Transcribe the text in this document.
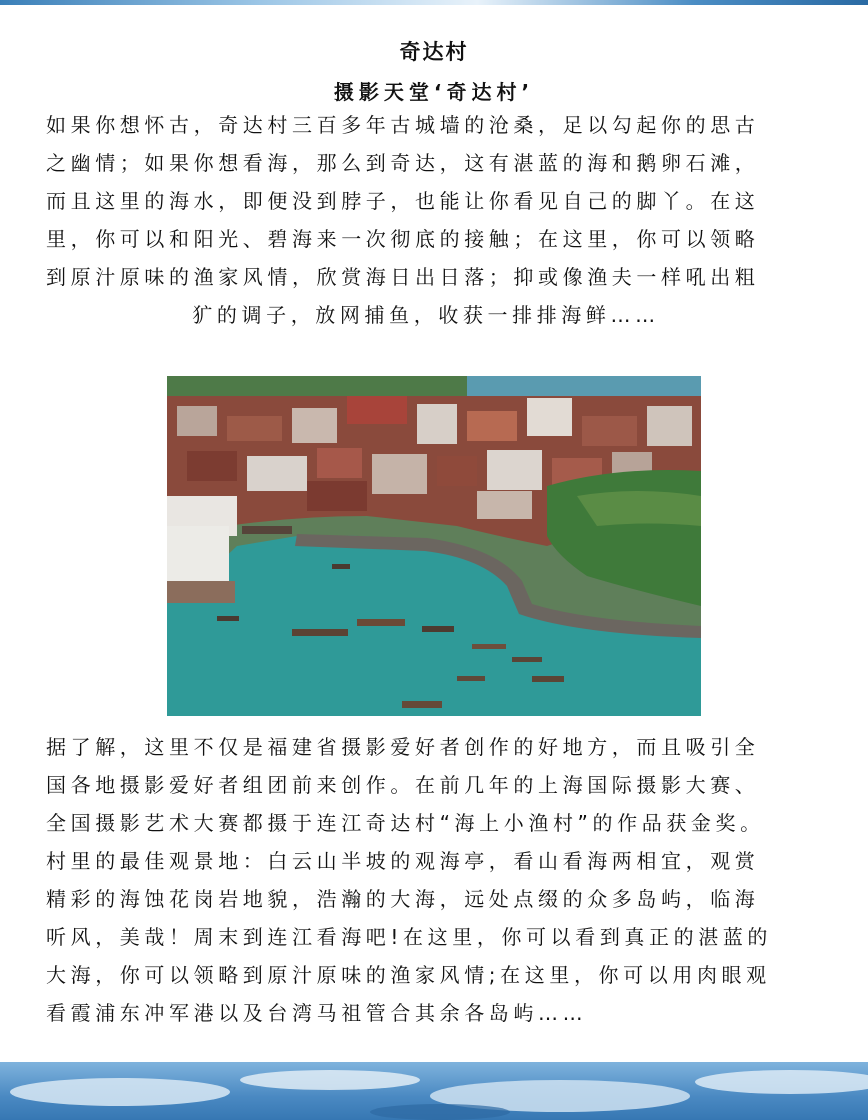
奇达村
摄影天堂‘奇达村’
如果你想怀古，奇达村三百多年古城墙的沧桑，足以勾起你的思古
之幽情；如果你想看海，那么到奇达，这有湛蓝的海和鹅卵石滩，
而且这里的海水，即便没到脖子，也能让你看见自己的脚丫。在这
里，你可以和阳光、碧海来一次彻底的接触；在这里，你可以领略
到原汁原味的渔家风情，欣赏海日出日落；抑或像渔夫一样吼出粗
犷的调子，放网捕鱼，收获一排排海鲜……
据了解，这里不仅是福建省摄影爱好者创作的好地方，而且吸引全
国各地摄影爱好者组团前来创作。在前几年的上海国际摄影大赛、
全国摄影艺术大赛都摄于连江奇达村“海上小渔村”的作品获金奖。
村里的最佳观景地：白云山半坡的观海亭，看山看海两相宜，观赏
精彩的海蚀花岗岩地貌，浩瀚的大海，远处点缀的众多岛屿，临海
听风，美哉！周末到连江看海吧!在这里，你可以看到真正的湛蓝的
大海，你可以领略到原汁原味的渔家风情;在这里，你可以用肉眼观
看霞浦东冲军港以及台湾马祖管合其余各岛屿……
